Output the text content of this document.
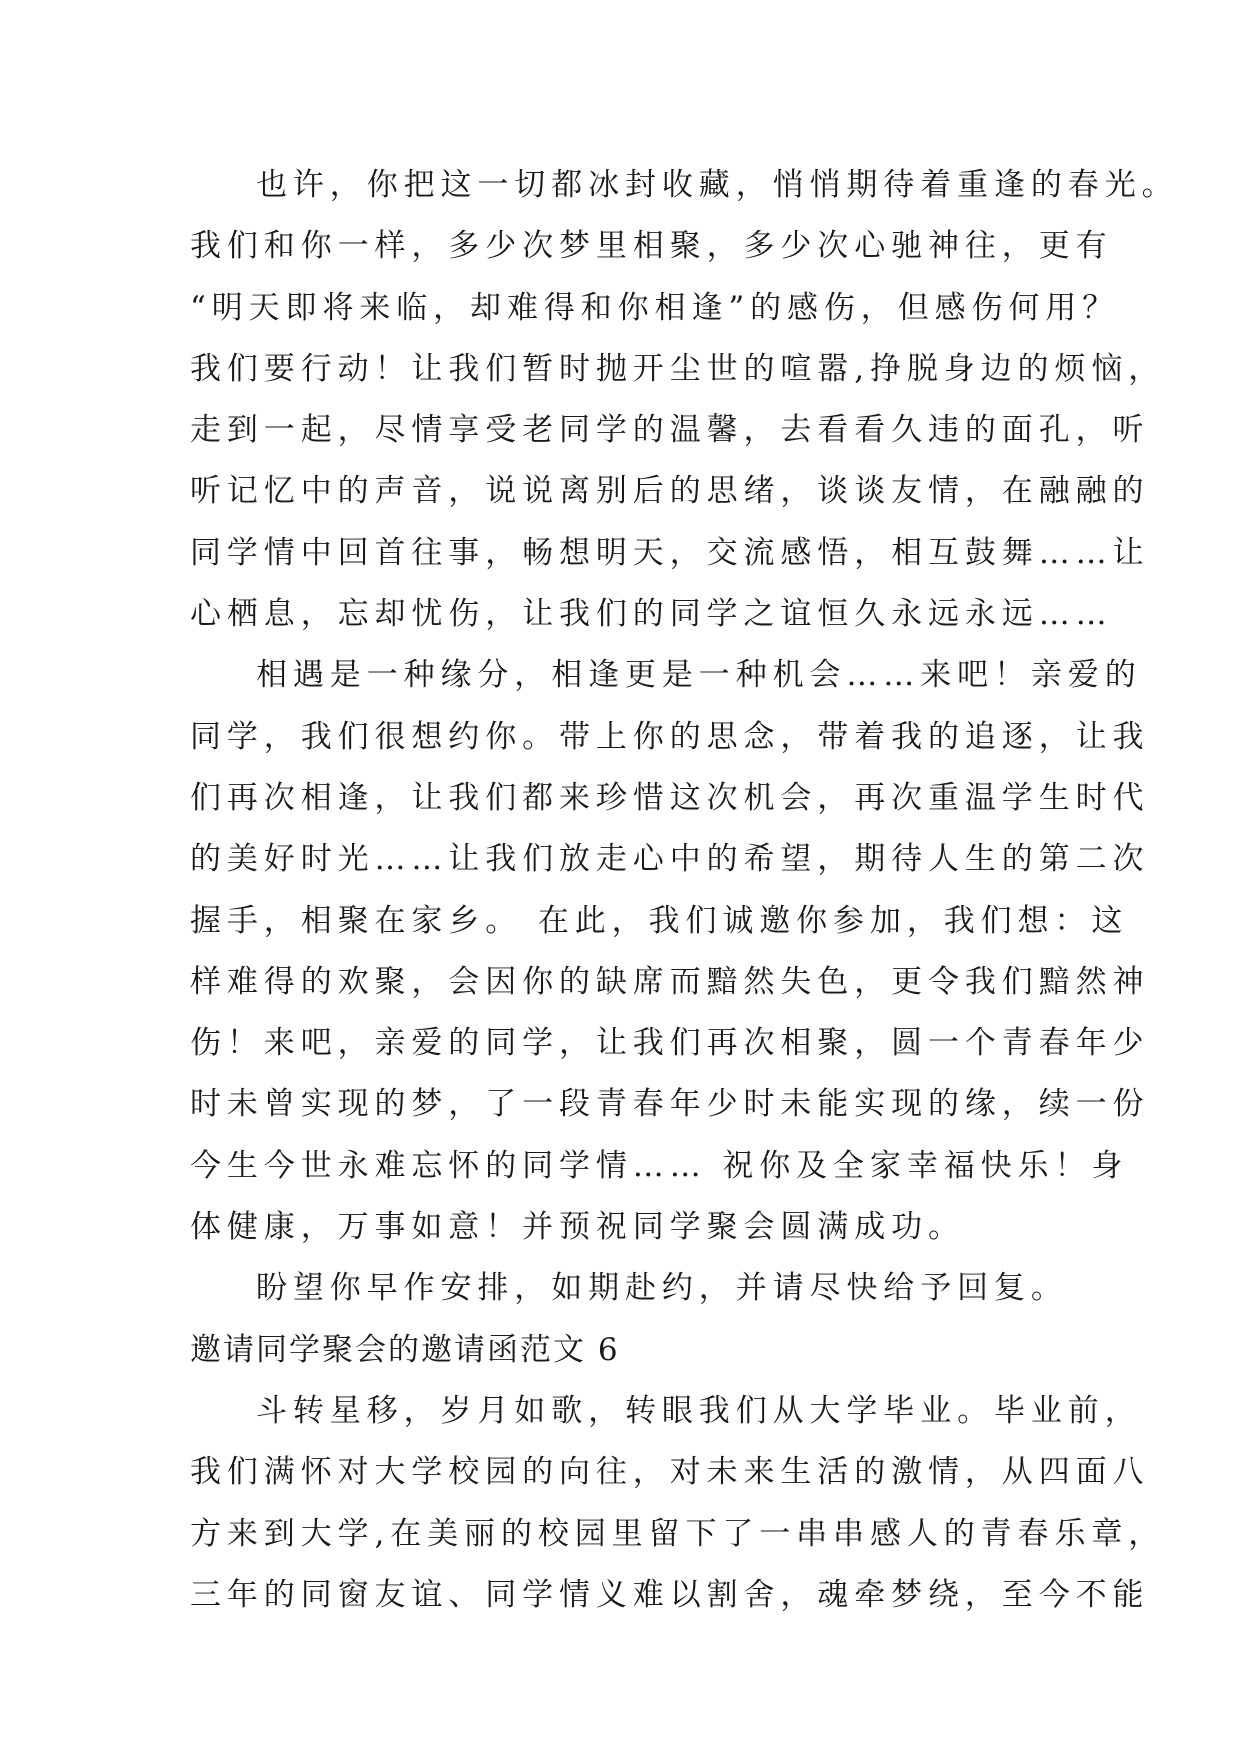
也许，你把这一切都冰封收藏，悄悄期待着重逢的春光。
我们和你一样，多少次梦里相聚，多少次心驰神往，更有
“明天即将来临，却难得和你相逢”的感伤，但感伤何用？
我们要行动！让我们暂时抛开尘世的喧嚣,挣脱身边的烦恼，
走到一起，尽情享受老同学的温馨，去看看久违的面孔，听
听记忆中的声音，说说离别后的思绪，谈谈友情，在融融的
同学情中回首往事，畅想明天，交流感悟，相互鼓舞……让
心栖息，忘却忧伤，让我们的同学之谊恒久永远永远……
相遇是一种缘分，相逢更是一种机会……来吧！亲爱的
同学，我们很想约你。带上你的思念，带着我的追逐，让我
们再次相逢，让我们都来珍惜这次机会，再次重温学生时代
的美好时光……让我们放走心中的希望，期待人生的第二次
握手，相聚在家乡。 在此，我们诚邀你参加，我们想：这
样难得的欢聚，会因你的缺席而黯然失色，更令我们黯然神
伤！来吧，亲爱的同学，让我们再次相聚，圆一个青春年少
时未曾实现的梦，了一段青春年少时未能实现的缘，续一份
今生今世永难忘怀的同学情…… 祝你及全家幸福快乐！身
体健康，万事如意！并预祝同学聚会圆满成功。
盼望你早作安排，如期赴约，并请尽快给予回复。
邀请同学聚会的邀请函范文 6
斗转星移，岁月如歌，转眼我们从大学毕业。毕业前，
我们满怀对大学校园的向往，对未来生活的激情，从四面八
方来到大学,在美丽的校园里留下了一串串感人的青春乐章，
三年的同窗友谊、同学情义难以割舍，魂牵梦绕，至今不能
